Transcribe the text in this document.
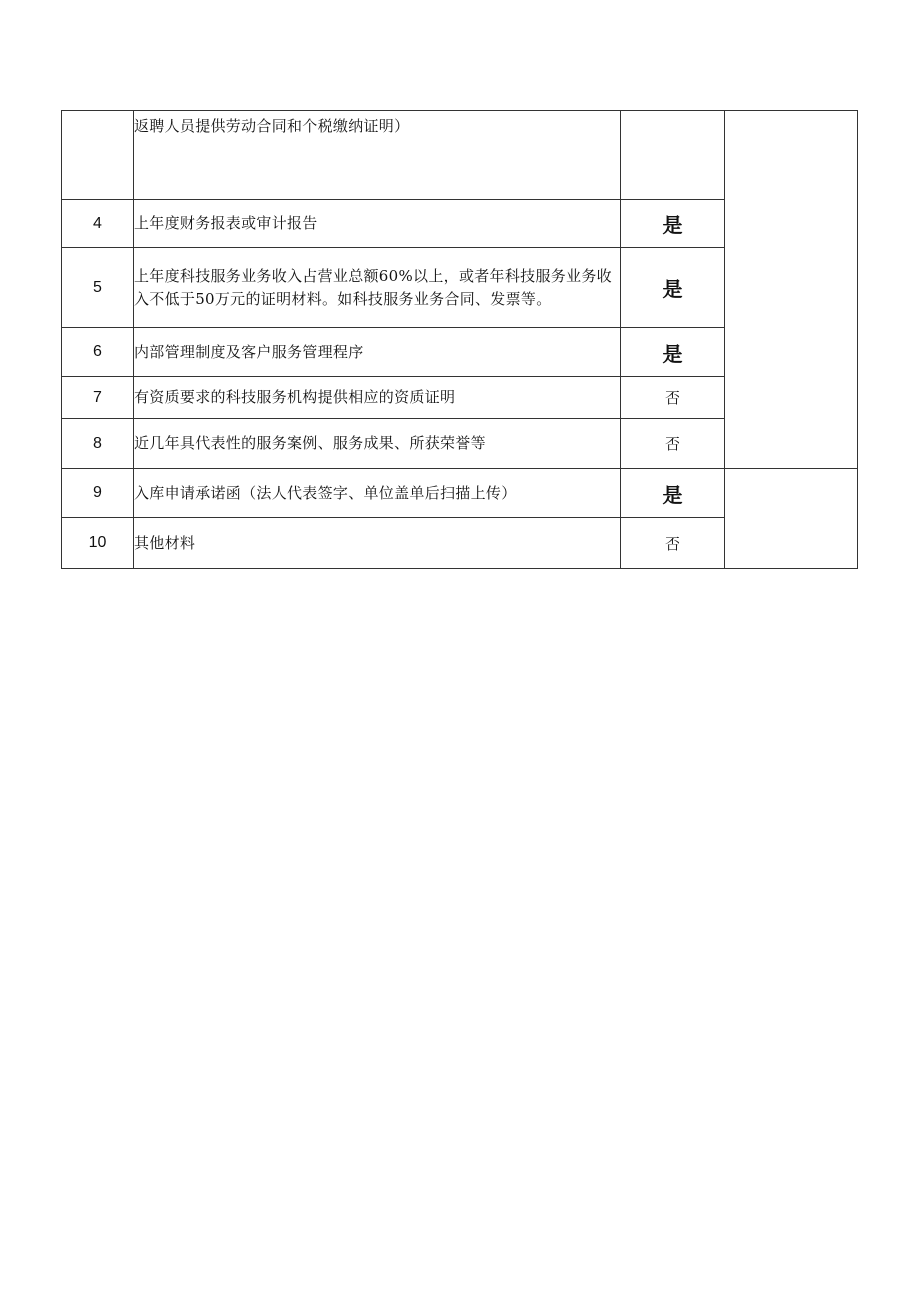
	返聘人员提供劳动合同和个税缴纳证明）		
4	上年度财务报表或审计报告	是	
5	上年度科技服务业务收入占营业总额60%以上，或者年科技服务业务收入不低于50万元的证明材料。如科技服务业务合同、发票等。	是	
6	内部管理制度及客户服务管理程序	是	
7	有资质要求的科技服务机构提供相应的资质证明	否	
8	近几年具代表性的服务案例、服务成果、所获荣誉等	否	
9	入库申请承诺函（法人代表签字、单位盖单后扫描上传）	是	
10	其他材料	否	
